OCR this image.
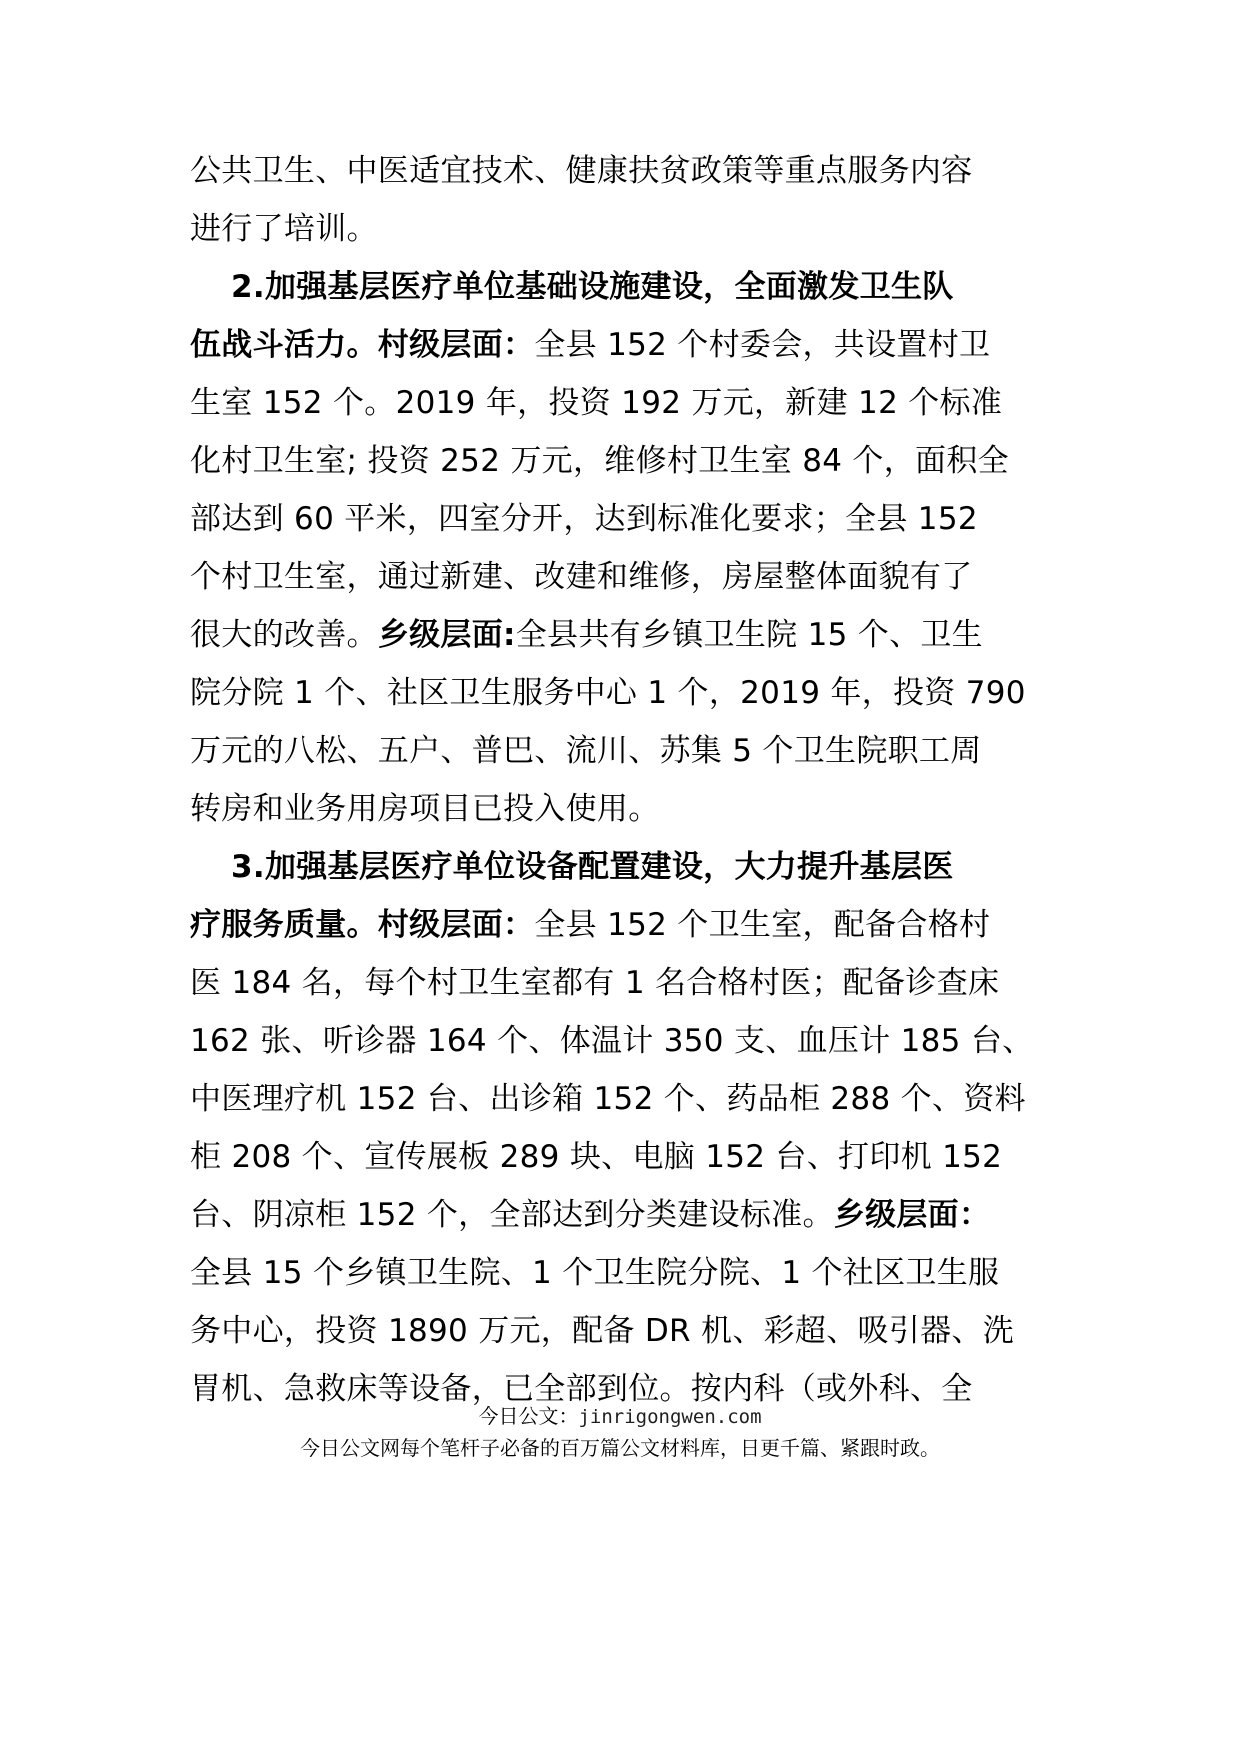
公共卫生、中医适宜技术、健康扶贫政策等重点服务内容
进行了培训。
2.加强基层医疗单位基础设施建设，全面激发卫生队
伍战斗活力。村级层面：全县 152 个村委会，共设置村卫
生室 152 个。2019 年，投资 192 万元，新建 12 个标准
化村卫生室; 投资 252 万元，维修村卫生室 84 个，面积全
部达到 60 平米，四室分开，达到标准化要求；全县 152
个村卫生室，通过新建、改建和维修，房屋整体面貌有了
很大的改善。乡级层面:全县共有乡镇卫生院 15 个、卫生
院分院 1 个、社区卫生服务中心 1 个，2019 年，投资 790
万元的八松、五户、普巴、流川、苏集 5 个卫生院职工周
转房和业务用房项目已投入使用。
3.加强基层医疗单位设备配置建设，大力提升基层医
疗服务质量。村级层面：全县 152 个卫生室，配备合格村
医 184 名，每个村卫生室都有 1 名合格村医；配备诊查床
162 张、听诊器 164 个、体温计 350 支、血压计 185 台、
中医理疗机 152 台、出诊箱 152 个、药品柜 288 个、资料
柜 208 个、宣传展板 289 块、电脑 152 台、打印机 152
台、阴凉柜 152 个，全部达到分类建设标准。乡级层面：
全县 15 个乡镇卫生院、1 个卫生院分院、1 个社区卫生服
务中心，投资 1890 万元，配备 DR 机、彩超、吸引器、洗
胃机、急救床等设备，已全部到位。按内科（或外科、全
今日公文：jinrigongwen.com
今日公文网每个笔杆子必备的百万篇公文材料库，日更千篇、紧跟时政。
